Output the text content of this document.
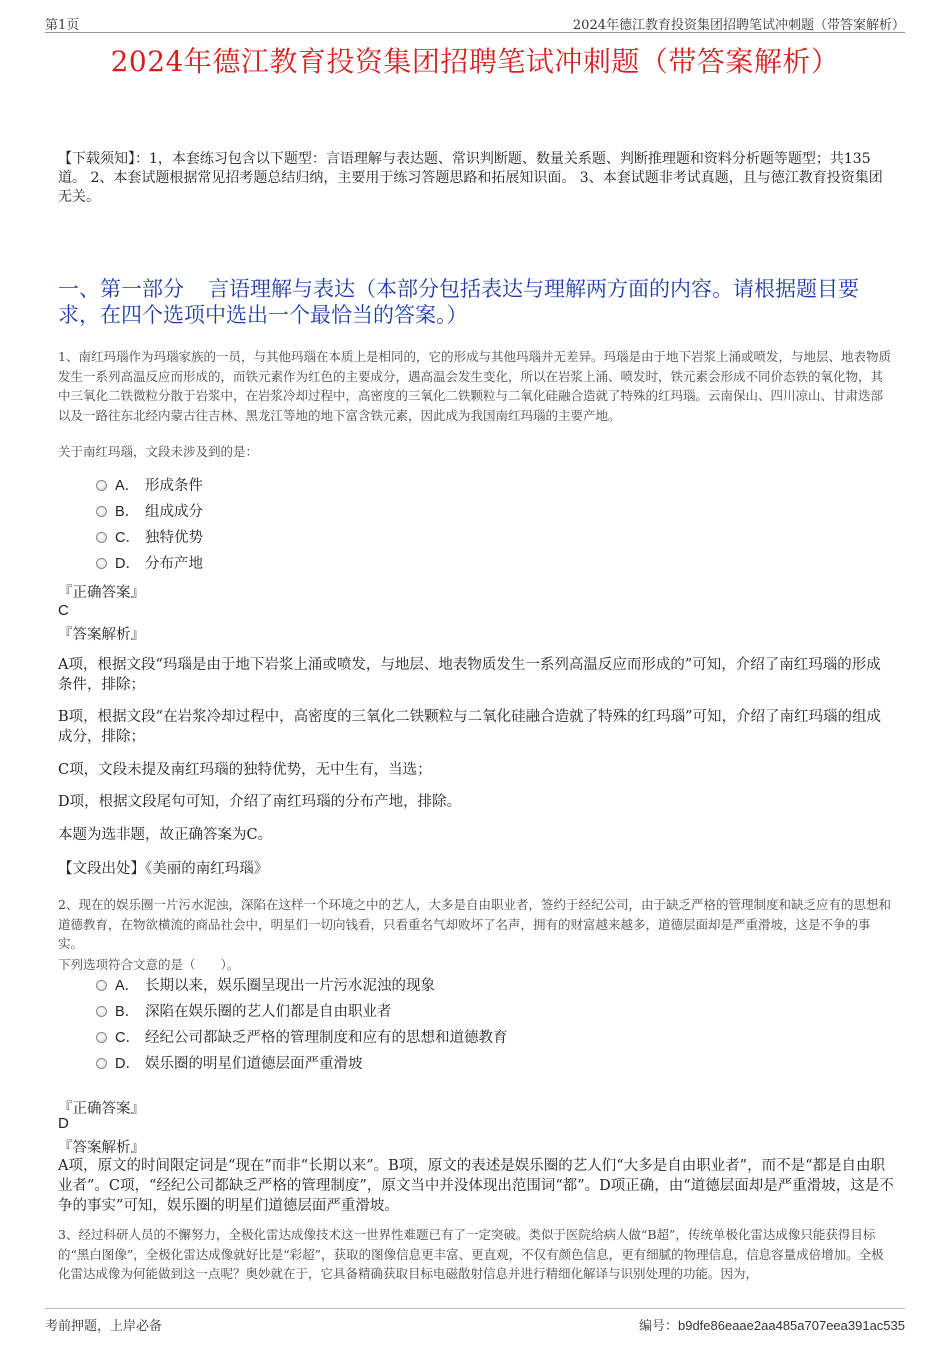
第1页	2024年德江教育投资集团招聘笔试冲刺题（带答案解析）
2024年德江教育投资集团招聘笔试冲刺题（带答案解析）
【下载须知】：1，本套练习包含以下题型：言语理解与表达题、常识判断题、数量关系题、判断推理题和资料分析题等题型；共135道。 2、本套试题根据常见招考题总结归纳，主要用于练习答题思路和拓展知识面。 3、本套试题非考试真题，且与德江教育投资集团无关。
一、第一部分 言语理解与表达（本部分包括表达与理解两方面的内容。请根据题目要求，在四个选项中选出一个最恰当的答案。）
1、南红玛瑙作为玛瑙家族的一员，与其他玛瑙在本质上是相同的，它的形成与其他玛瑙并无差异。玛瑙是由于地下岩浆上涌或喷发，与地层、地表物质发生一系列高温反应而形成的，而铁元素作为红色的主要成分，遇高温会发生变化，所以在岩浆上涌、喷发时，铁元素会形成不同价态铁的氧化物，其中三氧化二铁微粒分散于岩浆中，在岩浆冷却过程中，高密度的三氧化二铁颗粒与二氧化硅融合造就了特殊的红玛瑙。云南保山、四川凉山、甘肃迭部以及一路往东北经内蒙古往吉林、黑龙江等地的地下富含铁元素，因此成为我国南红玛瑙的主要产地。
关于南红玛瑙，文段未涉及到的是：
A． 形成条件
B． 组成成分
C． 独特优势
D． 分布产地
『正确答案』
C
『答案解析』
A项，根据文段“玛瑙是由于地下岩浆上涌或喷发，与地层、地表物质发生一系列高温反应而形成的”可知，介绍了南红玛瑙的形成条件，排除；
B项，根据文段“在岩浆冷却过程中，高密度的三氧化二铁颗粒与二氧化硅融合造就了特殊的红玛瑙”可知，介绍了南红玛瑙的组成成分，排除；
C项，文段未提及南红玛瑙的独特优势，无中生有，当选；
D项，根据文段尾句可知，介绍了南红玛瑙的分布产地，排除。
本题为选非题，故正确答案为C。
【文段出处】《美丽的南红玛瑙》
2、现在的娱乐圈一片污水泥浊，深陷在这样一个环境之中的艺人，大多是自由职业者，签约于经纪公司，由于缺乏严格的管理制度和缺乏应有的思想和道德教育，在物欲横流的商品社会中，明星们一切向钱看，只看重名气却败坏了名声，拥有的财富越来越多，道德层面却是严重滑坡，这是不争的事实。
下列选项符合文意的是（　　）。
A． 长期以来，娱乐圈呈现出一片污水泥浊的现象
B． 深陷在娱乐圈的艺人们都是自由职业者
C． 经纪公司都缺乏严格的管理制度和应有的思想和道德教育
D． 娱乐圈的明星们道德层面严重滑坡
『正确答案』
D
『答案解析』
A项，原文的时间限定词是“现在”而非“长期以来”。B项，原文的表述是娱乐圈的艺人们“大多是自由职业者”，而不是“都是自由职业者”。C项，“经纪公司都缺乏严格的管理制度”，原文当中并没体现出范围词“都”。D项正确，由“道德层面却是严重滑坡，这是不争的事实”可知，娱乐圈的明星们道德层面严重滑坡。
3、经过科研人员的不懈努力，全极化雷达成像技术这一世界性难题已有了一定突破。类似于医院给病人做“B超”，传统单极化雷达成像只能获得目标的“黑白图像”，全极化雷达成像就好比是“彩超”，获取的图像信息更丰富、更直观，不仅有颜色信息，更有细腻的物理信息，信息容量成倍增加。全极化雷达成像为何能做到这一点呢？奥妙就在于，它具备精确获取目标电磁散射信息并进行精细化解译与识别处理的功能。因为，
考前押题，上岸必备	编号：b9dfe86eaae2aa485a707eea391ac535
